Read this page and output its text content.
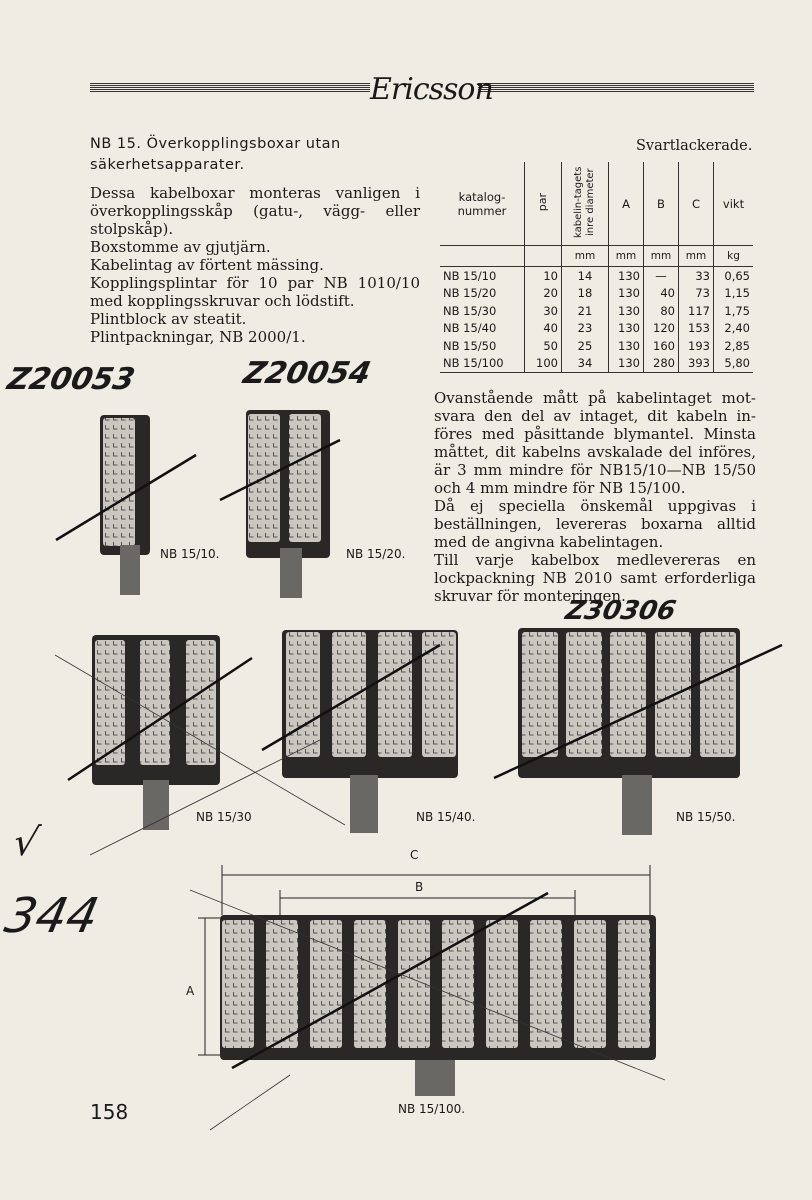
Ericsson
NB 15. Överkopplingsboxar utan säkerhetsapparater.

Dessa kabelboxar monteras vanligen i överkopplingsskåp (gatu-, vägg- eller stolpskåp).

Boxstomme av gjutjärn.

Kabelintag av förtent mässing.

Kopplingsplintar för 10 par NB 1010/10 med kopplingsskruvar och lödstift.

Plintblock av steatit.

Plintpackningar, NB 2000/1.

Svartlackerade.
katalog-nummer	par	kabelin-tagets inre diameter	A	B	C	vikt
		mm	mm	mm	mm	kg
NB 15/10	10	14	130	—	33	0,65
NB 15/20	20	18	130	40	73	1,15
NB 15/30	30	21	130	80	117	1,75
NB 15/40	40	23	130	120	153	2,40
NB 15/50	50	25	130	160	193	2,85
NB 15/100	100	34	130	280	393	5,80

Ovanstående mått på kabelintaget mot-svara den del av intaget, dit kabeln in-föres med påsittande blymantel. Minsta måttet, dit kabelns avskalade del införes, är 3 mm mindre för NB15/10—NB 15/50 och 4 mm mindre för NB 15/100.

Då ej speciella önskemål uppgivas i beställningen, levereras boxarna alltid med de angivna kabelintagen.

Till varje kabelbox medlevereras en lockpackning NB 2010 samt erforderliga skruvar för monteringen.

Z20053	Z20054
Z30306
√
344
NB 15/10.	NB 15/20.
NB 15/30	NB 15/40.	NB 15/50.
NB 15/100.
C
B
A
158
